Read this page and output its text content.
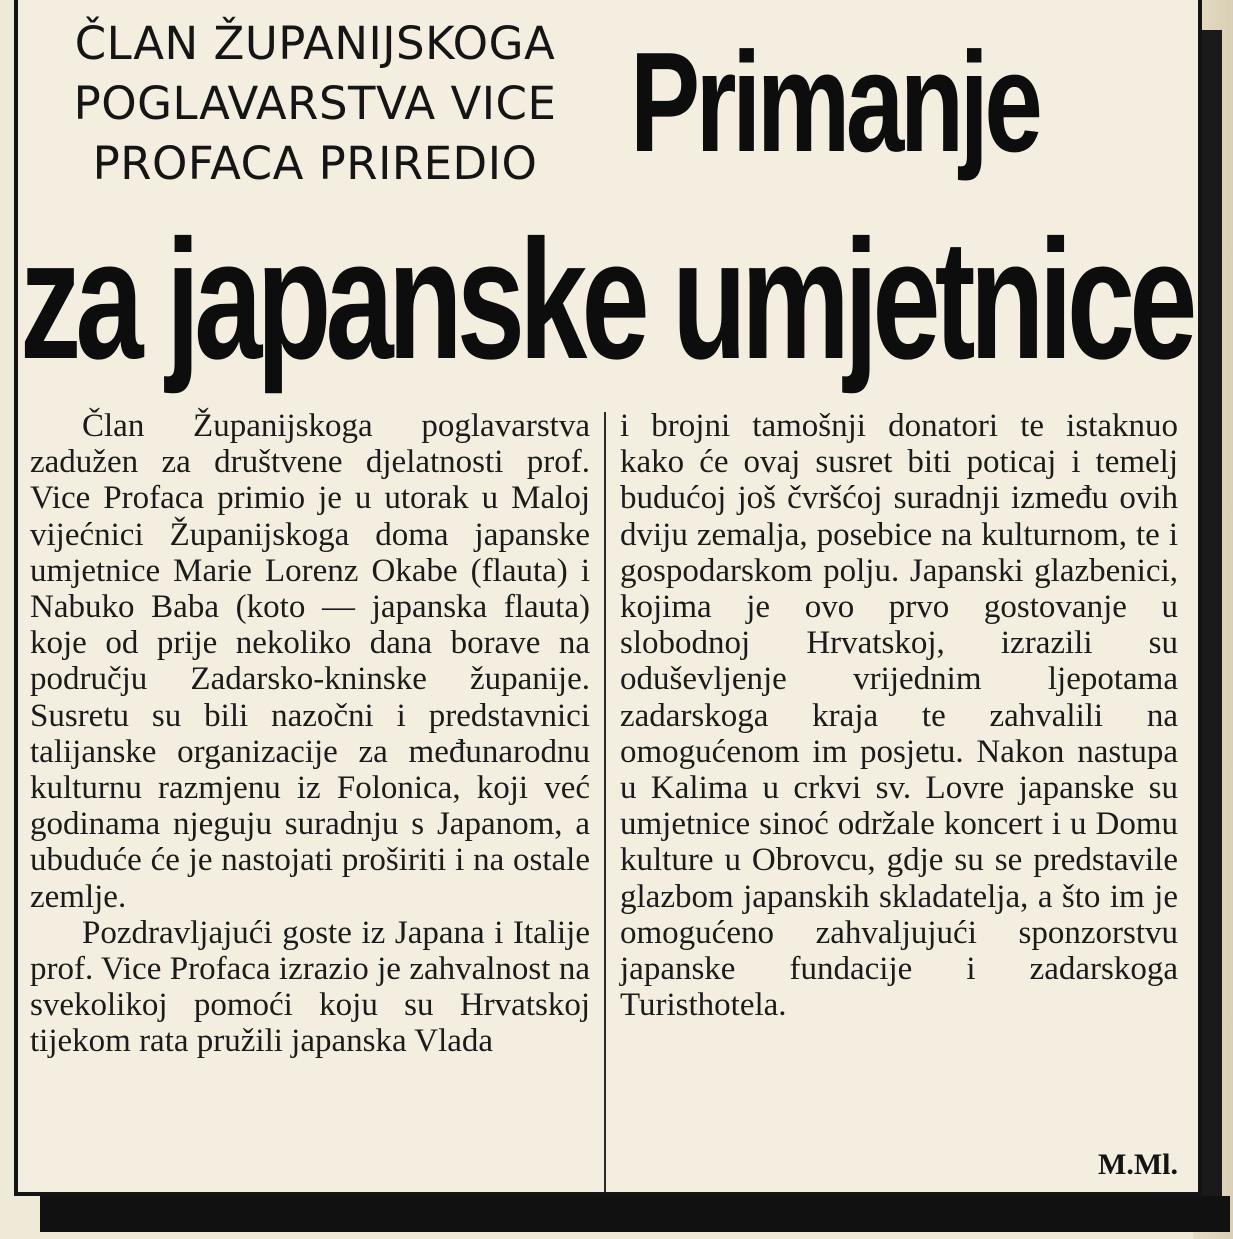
ČLAN ŽUPANIJSKOGA
POGLAVARSTVA VICE
PROFACA PRIREDIO Primanje
za japanske umjetnice

Član Županijskoga poglavarstva zadužen za društvene djelatnosti prof. Vice Profaca primio je u utorak u Maloj vijećnici Županijskoga doma japanske umjetnice Marie Lorenz Okabe (flauta) i Nabuko Baba (koto — japanska flauta) koje od prije nekoliko dana borave na području Zadarsko-kninske županije. Susretu su bili nazočni i predstavnici talijanske organizacije za međunarodnu kulturnu razmjenu iz Folonica, koji već godinama njeguju suradnju s Japanom, a ubuduće će je nastojati proširiti i na ostale zemlje.

Pozdravljajući goste iz Japana i Italije prof. Vice Profaca izrazio je zahvalnost na svekolikoj pomoći koju su Hrvatskoj tijekom rata pružili japanska Vlada

i brojni tamošnji donatori te istaknuo kako će ovaj susret biti poticaj i temelj budućoj još čvršćoj suradnji između ovih dviju zemalja, posebice na kulturnom, te i gospodarskom polju. Japanski glazbenici, kojima je ovo prvo gostovanje u slobodnoj Hrvatskoj, izrazili su oduševljenje vrijednim ljepotama zadarskoga kraja te zahvalili na omogućenom im posjetu. Nakon nastupa u Kalima u crkvi sv. Lovre japanske su umjetnice sinoć održale koncert i u Domu kulture u Obrovcu, gdje su se predstavile glazbom japanskih skladatelja, a što im je omogućeno zahvaljujući sponzorstvu japanske fundacije i zadarskoga Turisthotela.

M.Ml.
